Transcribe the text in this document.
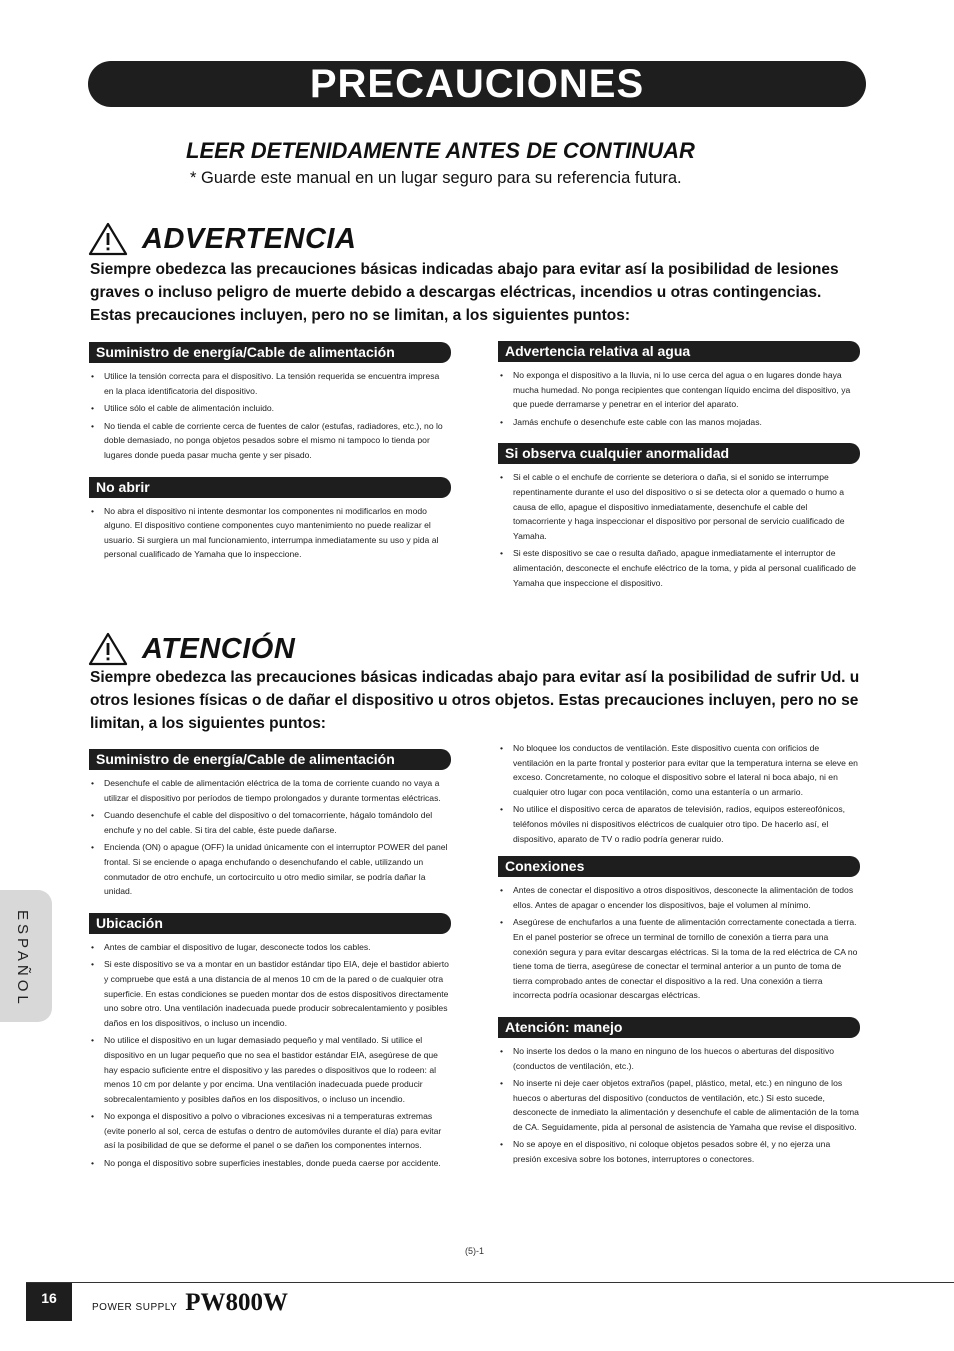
PRECAUCIONES
LEER DETENIDAMENTE ANTES DE CONTINUAR
* Guarde este manual en un lugar seguro para su referencia futura.
ADVERTENCIA
Siempre obedezca las precauciones básicas indicadas abajo para evitar así la posibilidad de lesiones graves o incluso peligro de muerte debido a descargas eléctricas, incendios u otras contingencias. Estas precauciones incluyen, pero no se limitan, a los siguientes puntos:
Suministro de energía/Cable de alimentación
• Utilice la tensión correcta para el dispositivo. La tensión requerida se encuentra impresa en la placa identificatoria del dispositivo.
• Utilice sólo el cable de alimentación incluido.
• No tienda el cable de corriente cerca de fuentes de calor (estufas, radiadores, etc.), no lo doble demasiado, no ponga objetos pesados sobre el mismo ni tampoco lo tienda por lugares donde pueda pasar mucha gente y ser pisado.
No abrir
• No abra el dispositivo ni intente desmontar los componentes ni modificarlos en modo alguno. El dispositivo contiene componentes cuyo mantenimiento no puede realizar el usuario. Si surgiera un mal funcionamiento, interrumpa inmediatamente su uso y pida al personal cualificado de Yamaha que lo inspeccione.
Advertencia relativa al agua
• No exponga el dispositivo a la lluvia, ni lo use cerca del agua o en lugares donde haya mucha humedad. No ponga recipientes que contengan líquido encima del dispositivo, ya que puede derramarse y penetrar en el interior del aparato.
• Jamás enchufe o desenchufe este cable con las manos mojadas.
Si observa cualquier anormalidad
• Si el cable o el enchufe de corriente se deteriora o daña, si el sonido se interrumpe repentinamente durante el uso del dispositivo o si se detecta olor a quemado o humo a causa de ello, apague el dispositivo inmediatamente, desenchufe el cable del tomacorriente y haga inspeccionar el dispositivo por personal de servicio cualificado de Yamaha.
• Si este dispositivo se cae o resulta dañado, apague inmediatamente el interruptor de alimentación, desconecte el enchufe eléctrico de la toma, y pida al personal cualificado de Yamaha que inspeccione el dispositivo.
ATENCIÓN
Siempre obedezca las precauciones básicas indicadas abajo para evitar así la posibilidad de sufrir Ud. u otros lesiones físicas o de dañar el dispositivo u otros objetos. Estas precauciones incluyen, pero no se limitan, a los siguientes puntos:
Suministro de energía/Cable de alimentación
• Desenchufe el cable de alimentación eléctrica de la toma de corriente cuando no vaya a utilizar el dispositivo por períodos de tiempo prolongados y durante tormentas eléctricas.
• Cuando desenchufe el cable del dispositivo o del tomacorriente, hágalo tomándolo del enchufe y no del cable. Si tira del cable, éste puede dañarse.
• Encienda (ON) o apague (OFF) la unidad únicamente con el interruptor POWER del panel frontal. Si se enciende o apaga enchufando o desenchufando el cable, utilizando un conmutador de otro enchufe, un cortocircuito u otro medio similar, se podría dañar la unidad.
Ubicación
• Antes de cambiar el dispositivo de lugar, desconecte todos los cables.
• Si este dispositivo se va a montar en un bastidor estándar tipo EIA, deje el bastidor abierto y compruebe que está a una distancia de al menos 10 cm de la pared o de cualquier otra superficie. En estas condiciones se pueden montar dos de estos dispositivos directamente uno sobre otro. Una ventilación inadecuada puede producir sobrecalentamiento y posibles daños en los dispositivos, o incluso un incendio.
• No utilice el dispositivo en un lugar demasiado pequeño y mal ventilado. Si utilice el dispositivo en un lugar pequeño que no sea el bastidor estándar EIA, asegúrese de que hay espacio suficiente entre el dispositivo y las paredes o dispositivos que lo rodeen: al menos 10 cm por delante y por encima. Una ventilación inadecuada puede producir sobrecalentamiento y posibles daños en los dispositivos, o incluso un incendio.
• No exponga el dispositivo a polvo o vibraciones excesivas ni a temperaturas extremas (evite ponerlo al sol, cerca de estufas o dentro de automóviles durante el día) para evitar así la posibilidad de que se deforme el panel o se dañen los componentes internos.
• No ponga el dispositivo sobre superficies inestables, donde pueda caerse por accidente.
• No bloquee los conductos de ventilación. Este dispositivo cuenta con orificios de ventilación en la parte frontal y posterior para evitar que la temperatura interna se eleve en exceso. Concretamente, no coloque el dispositivo sobre el lateral ni boca abajo, ni en cualquier otro lugar con poca ventilación, como una estantería o un armario.
• No utilice el dispositivo cerca de aparatos de televisión, radios, equipos estereofónicos, teléfonos móviles ni dispositivos eléctricos de cualquier otro tipo. De hacerlo así, el dispositivo, aparato de TV o radio podría generar ruido.
Conexiones
• Antes de conectar el dispositivo a otros dispositivos, desconecte la alimentación de todos ellos. Antes de apagar o encender los dispositivos, baje el volumen al mínimo.
• Asegúrese de enchufarlos a una fuente de alimentación correctamente conectada a tierra. En el panel posterior se ofrece un terminal de tornillo de conexión a tierra para una conexión segura y para evitar descargas eléctricas. Si la toma de la red eléctrica de CA no tiene toma de tierra, asegúrese de conectar el terminal anterior a un punto de toma de tierra comprobado antes de conectar el dispositivo a la red. Una conexión a tierra incorrecta podría ocasionar descargas eléctricas.
Atención: manejo
• No inserte los dedos o la mano en ninguno de los huecos o aberturas del dispositivo (conductos de ventilación, etc.).
• No inserte ni deje caer objetos extraños (papel, plástico, metal, etc.) en ninguno de los huecos o aberturas del dispositivo (conductos de ventilación, etc.) Si esto sucede, desconecte de inmediato la alimentación y desenchufe el cable de alimentación de la toma de CA. Seguidamente, pida al personal de asistencia de Yamaha que revise el dispositivo.
• No se apoye en el dispositivo, ni coloque objetos pesados sobre él, y no ejerza una presión excesiva sobre los botones, interruptores o conectores.
ESPAÑOL
(5)-1
16
POWER SUPPLY PW800W
